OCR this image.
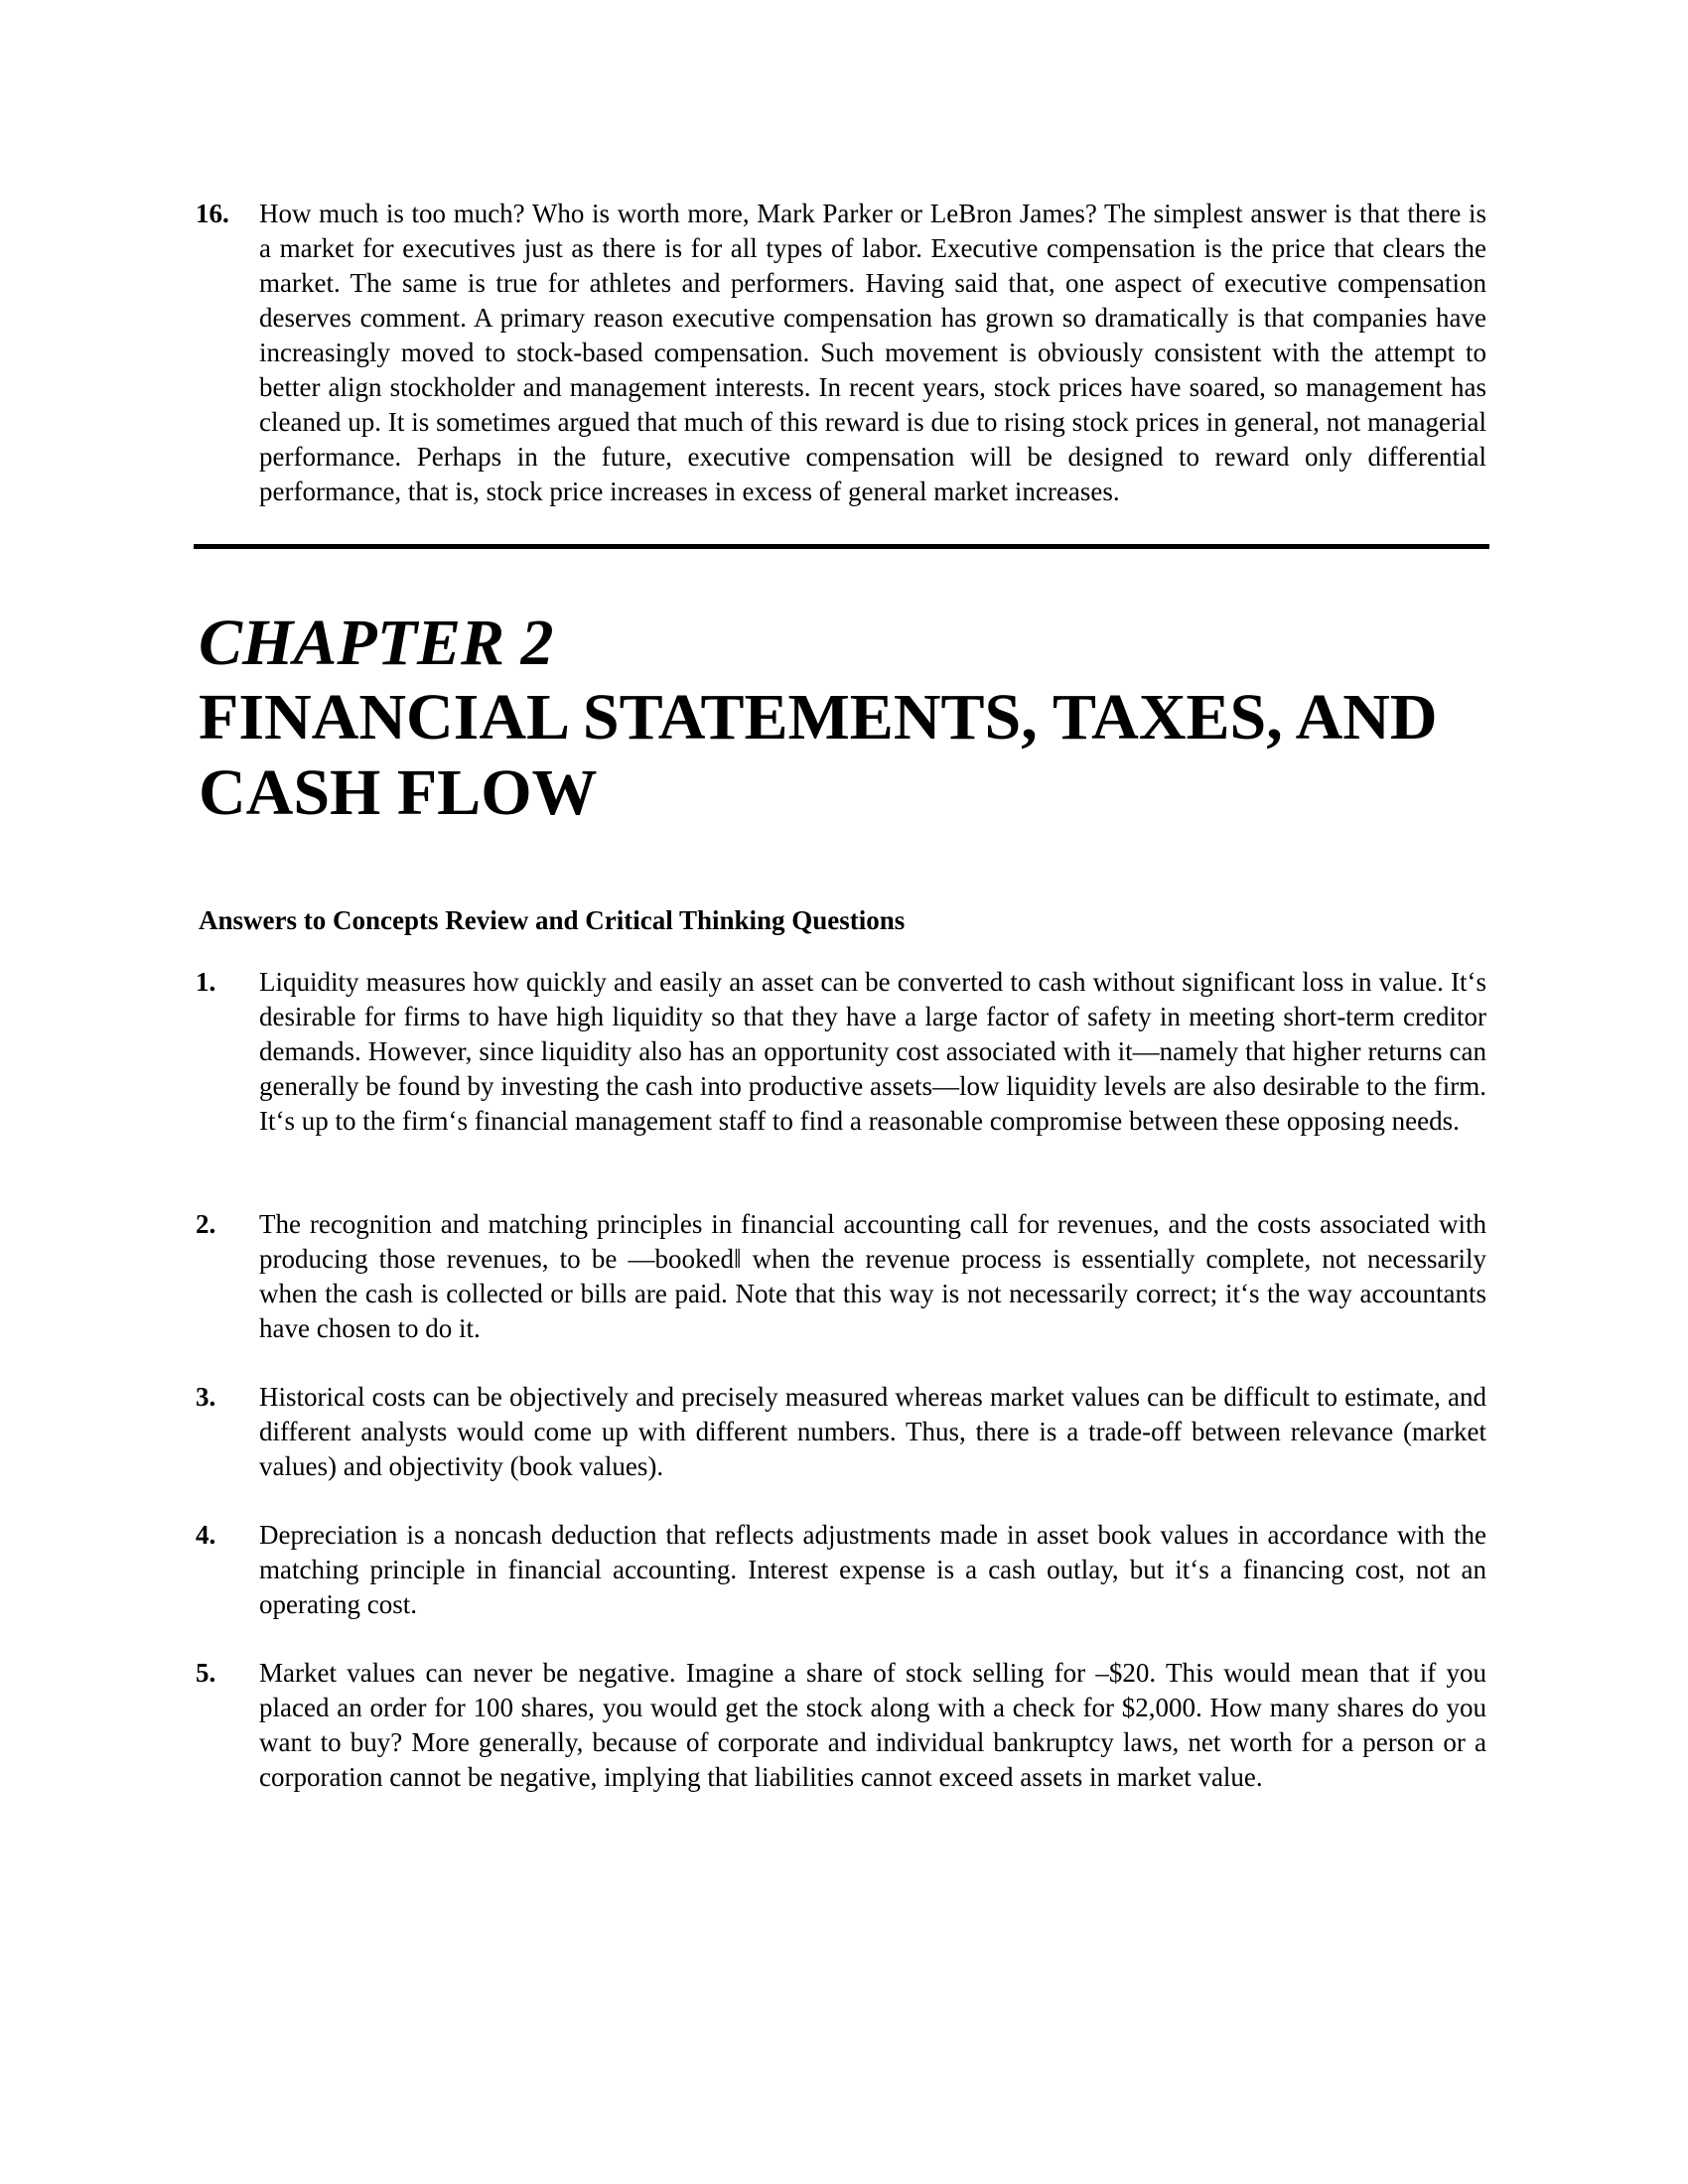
16. How much is too much? Who is worth more, Mark Parker or LeBron James? The simplest answer is that there is a market for executives just as there is for all types of labor. Executive compensation is the price that clears the market. The same is true for athletes and performers. Having said that, one aspect of executive compensation deserves comment. A primary reason executive compensation has grown so dramatically is that companies have increasingly moved to stock-based compensation. Such movement is obviously consistent with the attempt to better align stockholder and management interests. In recent years, stock prices have soared, so management has cleaned up. It is sometimes argued that much of this reward is due to rising stock prices in general, not managerial performance. Perhaps in the future, executive compensation will be designed to reward only differential performance, that is, stock price increases in excess of general market increases.
CHAPTER 2
FINANCIAL STATEMENTS, TAXES, AND CASH FLOW
Answers to Concepts Review and Critical Thinking Questions
1. Liquidity measures how quickly and easily an asset can be converted to cash without significant loss in value. It‘s desirable for firms to have high liquidity so that they have a large factor of safety in meeting short-term creditor demands. However, since liquidity also has an opportunity cost associated with it—namely that higher returns can generally be found by investing the cash into productive assets—low liquidity levels are also desirable to the firm. It‘s up to the firm‘s financial management staff to find a reasonable compromise between these opposing needs.
2. The recognition and matching principles in financial accounting call for revenues, and the costs associated with producing those revenues, to be ―booked‖ when the revenue process is essentially complete, not necessarily when the cash is collected or bills are paid. Note that this way is not necessarily correct; it‘s the way accountants have chosen to do it.
3. Historical costs can be objectively and precisely measured whereas market values can be difficult to estimate, and different analysts would come up with different numbers. Thus, there is a trade-off between relevance (market values) and objectivity (book values).
4. Depreciation is a noncash deduction that reflects adjustments made in asset book values in accordance with the matching principle in financial accounting. Interest expense is a cash outlay, but it‘s a financing cost, not an operating cost.
5. Market values can never be negative. Imagine a share of stock selling for –$20. This would mean that if you placed an order for 100 shares, you would get the stock along with a check for $2,000. How many shares do you want to buy? More generally, because of corporate and individual bankruptcy laws, net worth for a person or a corporation cannot be negative, implying that liabilities cannot exceed assets in market value.
